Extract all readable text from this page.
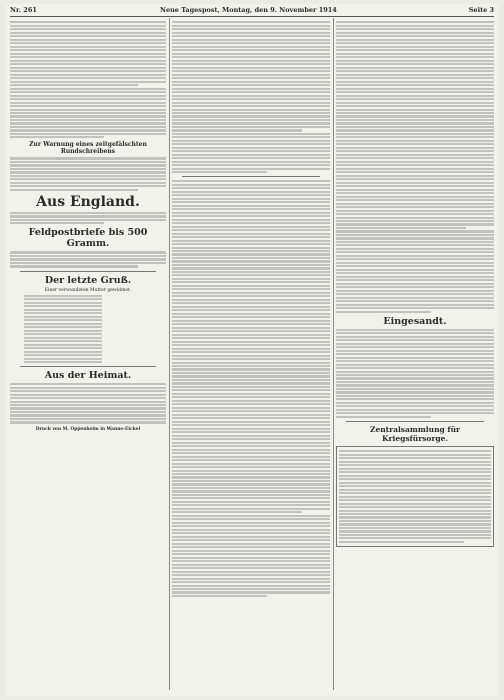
Nr. 261	Neue Tagespost, Montag, den 9. November 1914	Seite 3
Zur Warnung eines zeitgefälschten Rundschreibens
Aus England.
Feldpostbriefe bis 500 Gramm.
Der letzte Gruß.
Einer verwundeten Mutter gewidmet.
Aus der Heimat.
Druck von M. Oppenheim in Wanne-Eickel
Eingesandt.
Zentralsammlung für Kriegsfürsorge.
